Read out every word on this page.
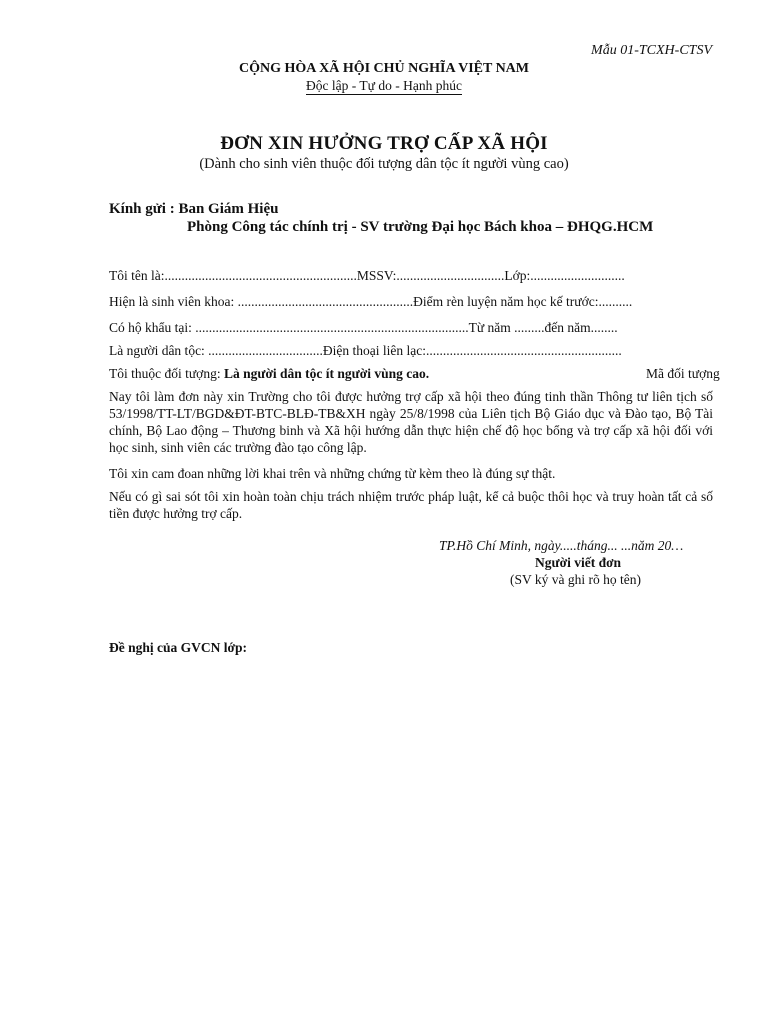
Mẫu 01-TCXH-CTSV
CỘNG HÒA XÃ HỘI CHỦ NGHĨA VIỆT NAM
Độc lập - Tự do - Hạnh phúc
ĐƠN XIN HƯỞNG TRỢ CẤP XÃ HỘI
(Dành cho sinh viên thuộc đối tượng dân tộc ít người vùng cao)
Kính gửi : Ban Giám Hiệu
Phòng Công tác chính trị - SV trường Đại học Bách khoa – ĐHQG.HCM
Tôi tên là:.........................................................MSSV:................................Lớp:............................
Hiện là sinh viên khoa: ....................................................Điểm rèn luyện năm học kế trước:..........
Có hộ khẩu tại: .................................................................................Từ năm .........đến năm........
Là người dân tộc: ..................................Điện thoại liên lạc:..........................................................
Tôi thuộc đối tượng: Là người dân tộc ít người vùng cao.	Mã đối tượng
Nay tôi làm đơn này xin Trường cho tôi được hưởng trợ cấp xã hội theo đúng tinh thần Thông tư liên tịch số 53/1998/TT-LT/BGD&ĐT-BTC-BLĐ-TB&XH ngày 25/8/1998 của Liên tịch Bộ Giáo dục và Đào tạo, Bộ Tài chính, Bộ Lao động – Thương binh và Xã hội hướng dẫn thực hiện chế độ học bổng và trợ cấp xã hội đối với học sinh, sinh viên các trường đào tạo công lập.
Tôi xin cam đoan những lời khai trên và những chứng từ kèm theo là đúng sự thật.
Nếu có gì sai sót tôi xin hoàn toàn chịu trách nhiệm trước pháp luật, kể cả buộc thôi học và truy hoàn tất cả số tiền được hưởng trợ cấp.
TP.Hồ Chí Minh, ngày.....tháng... ...năm 20…
Người viết đơn
(SV ký và ghi rõ họ tên)
Đề nghị của GVCN lớp:
